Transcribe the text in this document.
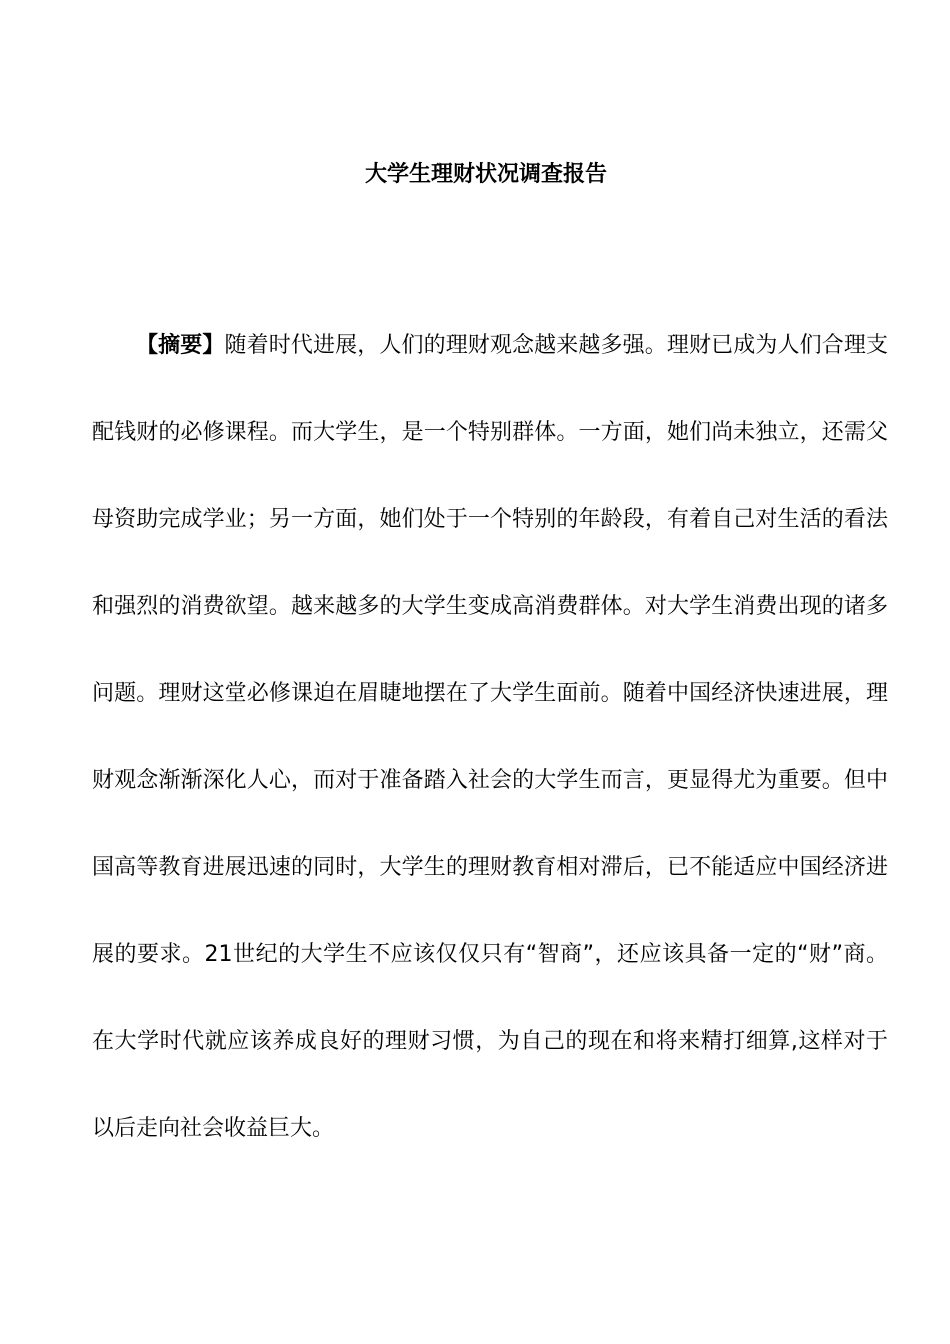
大学生理财状况调查报告

【摘要】随着时代进展，人们的理财观念越来越多强。理财已成为人们合理支配钱财的必修课程。而大学生，是一个特别群体。一方面，她们尚未独立，还需父母资助完成学业；另一方面，她们处于一个特别的年龄段，有着自己对生活的看法和强烈的消费欲望。越来越多的大学生变成高消费群体。对大学生消费出现的诸多问题。理财这堂必修课迫在眉睫地摆在了大学生面前。随着中国经济快速进展，理财观念渐渐深化人心，而对于准备踏入社会的大学生而言，更显得尤为重要。但中国高等教育进展迅速的同时，大学生的理财教育相对滞后，已不能适应中国经济进展的要求。21世纪的大学生不应该仅仅只有“智商”，还应该具备一定的“财”商。在大学时代就应该养成良好的理财习惯，为自己的现在和将来精打细算,这样对于以后走向社会收益巨大。
